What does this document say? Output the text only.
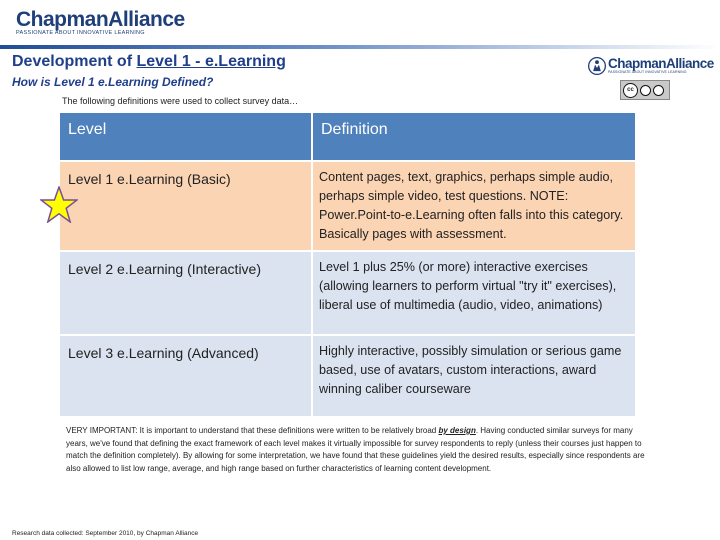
ChapmanAlliance
PASSIONATE ABOUT INNOVATIVE LEARNING
Development of Level 1 - e.Learning
How is Level 1 e.Learning Defined?
The following definitions were used to collect survey data…
ChapmanAlliance
PASSIONATE ABOUT INNOVATIVE LEARNING
cc
Level	Definition
Level 1 e.Learning (Basic)	Content pages, text, graphics, perhaps simple audio, perhaps simple video, test questions. NOTE: Power.Point-to-e.Learning often falls into this category. Basically pages with assessment.
Level 2 e.Learning (Interactive)	Level 1 plus 25% (or more) interactive exercises (allowing learners to perform virtual "try it" exercises), liberal use of multimedia (audio, video, animations)
Level 3 e.Learning (Advanced)	Highly interactive, possibly simulation or serious game based, use of avatars, custom interactions, award winning caliber courseware
VERY IMPORTANT: It is important to understand that these definitions were written to be relatively broad by design. Having conducted similar surveys for many years, we've found that defining the exact framework of each level makes it virtually impossible for survey respondents to reply (unless their courses just happen to match the definition completely). By allowing for some interpretation, we have found that these guidelines yield the desired results, especially since respondents are also allowed to list low range, average, and high range based on further characteristics of learning content development.
Research data collected: September 2010, by Chapman Alliance
